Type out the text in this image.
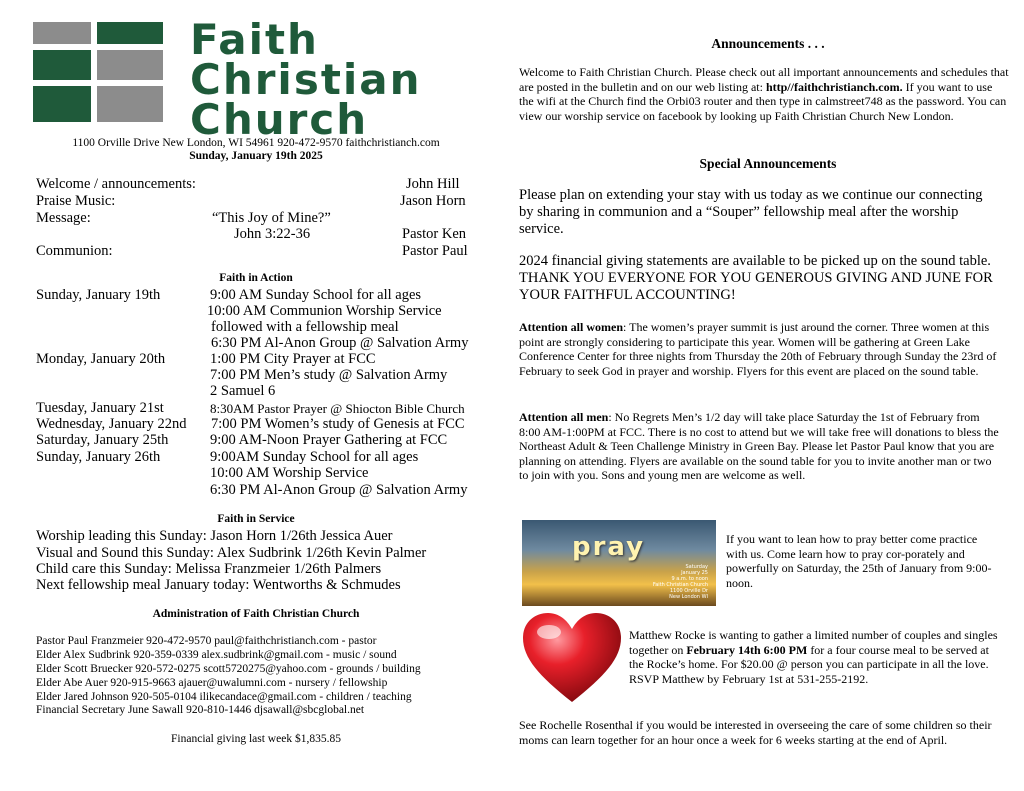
Faith
Christian
Church
1100 Orville Drive New London, WI 54961 920-472-9570 faithchristianch.com
Sunday, January 19th 2025
Welcome / announcements:	John Hill
Praise Music:	Jason Horn
Message:	“This Joy of Mine?”
John 3:22-36	Pastor Ken
Communion:	Pastor Paul
Faith in Action
Sunday, January 19th	9:00 AM Sunday School for all ages
10:00 AM Communion Worship Service
followed with a fellowship meal
6:30 PM Al-Anon Group @ Salvation Army
Monday, January 20th	1:00 PM City Prayer at FCC
7:00 PM Men’s study @ Salvation Army
2 Samuel 6
Tuesday, January 21st	8:30AM Pastor Prayer @ Shiocton Bible Church
Wednesday, January 22nd 7:00 PM Women’s study of Genesis at FCC
Saturday, January 25th	9:00 AM-Noon Prayer Gathering at FCC
Sunday, January 26th	9:00AM Sunday School for all ages
10:00 AM Worship Service
6:30 PM Al-Anon Group @ Salvation Army
Faith in Service
Worship leading this Sunday: Jason Horn 1/26th Jessica Auer
Visual and Sound this Sunday: Alex Sudbrink 1/26th Kevin Palmer
Child care this Sunday: Melissa Franzmeier 1/26th Palmers
Next fellowship meal January today: Wentworths & Schmudes
Administration of Faith Christian Church
Pastor Paul Franzmeier 920-472-9570 paul@faithchristianch.com - pastor
Elder Alex Sudbrink 920-359-0339 alex.sudbrink@gmail.com - music / sound
Elder Scott Bruecker 920-572-0275 scott5720275@yahoo.com - grounds / building
Elder Abe Auer 920-915-9663 ajauer@uwalumni.com - nursery / fellowship
Elder Jared Johnson 920-505-0104 ilikecandace@gmail.com - children / teaching
Financial Secretary June Sawall 920-810-1446 djsawall@sbcglobal.net
Financial giving last week $1,835.85
Announcements . . .
Welcome to Faith Christian Church. Please check out all important announcements and schedules that are posted in the bulletin and on our web listing at: http//faithchristianch.com. If you want to use the wifi at the Church find the Orbi03 router and then type in calmstreet748 as the password. You can view our worship service on facebook by looking up Faith Christian Church New London.
Special Announcements
Please plan on extending your stay with us today as we continue our connecting by sharing in communion and a “Souper” fellowship meal after the worship service.
2024 financial giving statements are available to be picked up on the sound table. THANK YOU EVERYONE FOR YOU GENEROUS GIVING AND JUNE FOR YOUR FAITHFUL ACCOUNTING!
Attention all women: The women’s prayer summit is just around the corner. Three women at this point are strongly considering to participate this year. Women will be gathering at Green Lake Conference Center for three nights from Thursday the 20th of February through Sunday the 23rd of February to seek God in prayer and worship. Flyers for this event are placed on the sound table.
Attention all men: No Regrets Men’s 1/2 day will take place Saturday the 1st of February from 8:00 AM-1:00PM at FCC. There is no cost to attend but we will take free will donations to bless the Northeast Adult & Teen Challenge Ministry in Green Bay. Please let Pastor Paul know that you are planning on attending. Flyers are available on the sound table for you to invite another man or two to join with you. Sons and young men are welcome as well.
pray
Saturday
January 25
9 a.m. to noon
Faith Christian Church
1100 Orville Dr
New London WI
If you want to lean how to pray better come practice with us. Come learn how to pray cor-porately and powerfully on Saturday, the 25th of January from 9:00-noon.
Matthew Rocke is wanting to gather a limited number of couples and singles together on February 14th 6:00 PM for a four course meal to be served at the Rocke’s home. For $20.00 @ person you can participate in all the love. RSVP Matthew by February 1st at 531-255-2192.
See Rochelle Rosenthal if you would be interested in overseeing the care of some children so their moms can learn together for an hour once a week for 6 weeks starting at the end of April.
